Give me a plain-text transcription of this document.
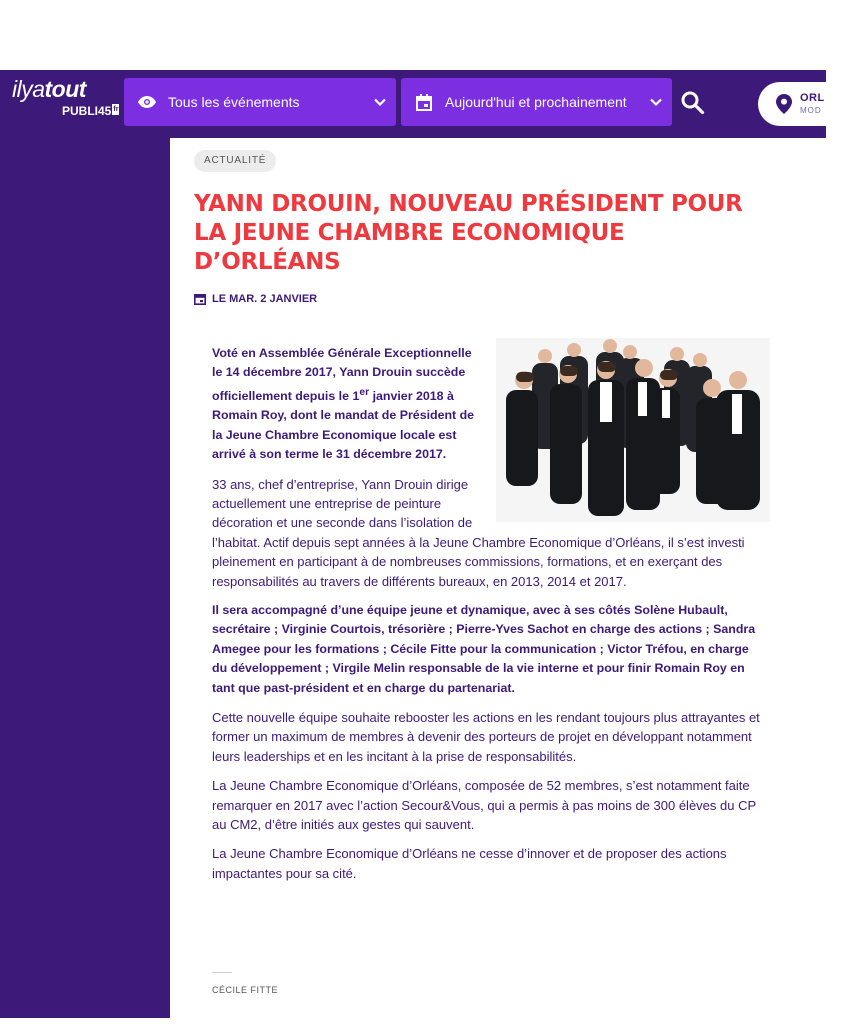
ilyatout
PUBLI45 fr	Tous les événements	Aujourd'hui et prochainement	ORL
MOD
ACTUALITÉ
YANN DROUIN, NOUVEAU PRÉSIDENT POUR LA JEUNE CHAMBRE ECONOMIQUE D’ORLÉANS
LE MAR. 2 JANVIER

Voté en Assemblée Générale Exceptionnelle le 14 décembre 2017, Yann Drouin succède officiellement depuis le 1er janvier 2018 à Romain Roy, dont le mandat de Président de la Jeune Chambre Economique locale est arrivé à son terme le 31 décembre 2017.

33 ans, chef d’entreprise, Yann Drouin dirige actuellement une entreprise de peinture décoration et une seconde dans l’isolation de l’habitat. Actif depuis sept années à la Jeune Chambre Economique d’Orléans, il s’est investi pleinement en participant à de nombreuses commissions, formations, et en exerçant des responsabilités au travers de différents bureaux, en 2013, 2014 et 2017.

Il sera accompagné d’une équipe jeune et dynamique, avec à ses côtés Solène Hubault, secrétaire ; Virginie Courtois, trésorière ; Pierre-Yves Sachot en charge des actions ; Sandra Amegee pour les formations ; Cécile Fitte pour la communication ; Victor Tréfou, en charge du développement ; Virgile Melin responsable de la vie interne et pour finir Romain Roy en tant que past-président et en charge du partenariat.

Cette nouvelle équipe souhaite rebooster les actions en les rendant toujours plus attrayantes et former un maximum de membres à devenir des porteurs de projet en développant notamment leurs leaderships et en les incitant à la prise de responsabilités.

La Jeune Chambre Economique d’Orléans, composée de 52 membres, s’est notamment faite remarquer en 2017 avec l’action Secour&Vous, qui a permis à pas moins de 300 élèves du CP au CM2, d’être initiés aux gestes qui sauvent.

La Jeune Chambre Economique d’Orléans ne cesse d’innover et de proposer des actions impactantes pour sa cité.

CÉCILE FITTE
